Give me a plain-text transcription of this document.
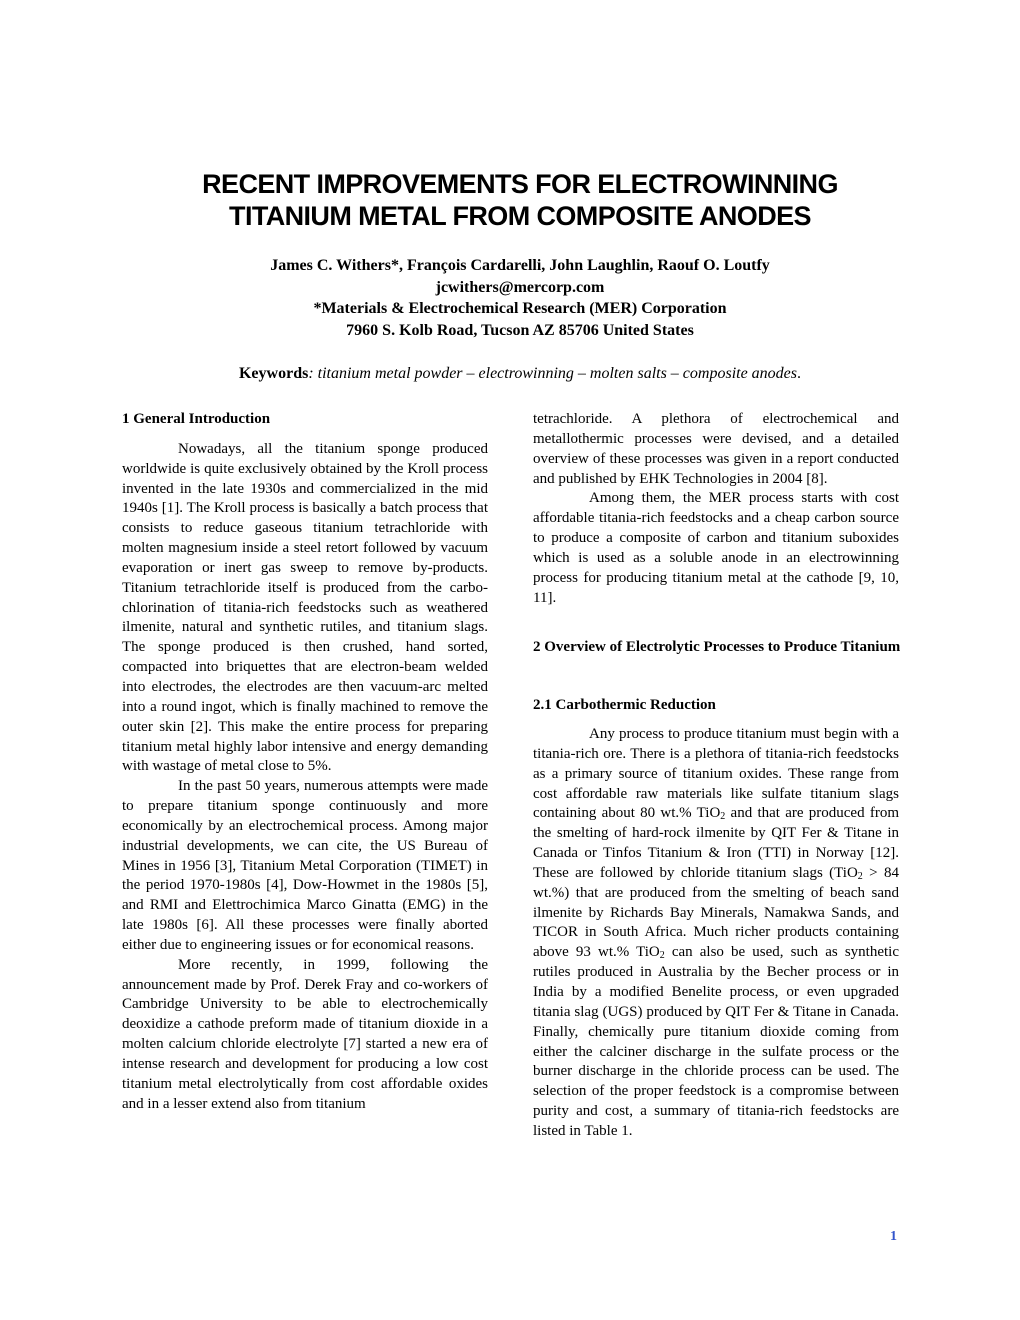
RECENT IMPROVEMENTS FOR ELECTROWINNING
TITANIUM METAL FROM COMPOSITE ANODES
James C. Withers*, François Cardarelli, John Laughlin, Raouf O. Loutfy
jcwithers@mercorp.com
*Materials & Electrochemical Research (MER) Corporation
7960 S. Kolb Road, Tucson AZ 85706 United States
Keywords: titanium metal powder – electrowinning – molten salts – composite anodes.
1 General Introduction

Nowadays, all the titanium sponge produced worldwide is quite exclusively obtained by the Kroll process invented in the late 1930s and commercialized in the mid 1940s [1]. The Kroll process is basically a batch process that consists to reduce gaseous titanium tetrachloride with molten magnesium inside a steel retort followed by vacuum evaporation or inert gas sweep to remove by-products. Titanium tetrachloride itself is produced from the carbo-chlorination of titania-rich feedstocks such as weathered ilmenite, natural and synthetic rutiles, and titanium slags. The sponge produced is then crushed, hand sorted, compacted into briquettes that are electron-beam welded into electrodes, the electrodes are then vacuum-arc melted into a round ingot, which is finally machined to remove the outer skin [2]. This make the entire process for preparing titanium metal highly labor intensive and energy demanding with wastage of metal close to 5%.

In the past 50 years, numerous attempts were made to prepare titanium sponge continuously and more economically by an electrochemical process. Among major industrial developments, we can cite, the US Bureau of Mines in 1956 [3], Titanium Metal Corporation (TIMET) in the period 1970-1980s [4], Dow-Howmet in the 1980s [5], and RMI and Elettrochimica Marco Ginatta (EMG) in the late 1980s [6]. All these processes were finally aborted either due to engineering issues or for economical reasons.

More recently, in 1999, following the announcement made by Prof. Derek Fray and co-workers of Cambridge University to be able to electrochemically deoxidize a cathode preform made of titanium dioxide in a molten calcium chloride electrolyte [7] started a new era of intense research and development for producing a low cost titanium metal electrolytically from cost affordable oxides and in a lesser extend also from titanium

tetrachloride. A plethora of electrochemical and metallothermic processes were devised, and a detailed overview of these processes was given in a report conducted and published by EHK Technologies in 2004 [8].

Among them, the MER process starts with cost affordable titania-rich feedstocks and a cheap carbon source to produce a composite of carbon and titanium suboxides which is used as a soluble anode in an electrowinning process for producing titanium metal at the cathode [9, 10, 11].

2 Overview of Electrolytic Processes to Produce Titanium
2.1 Carbothermic Reduction

Any process to produce titanium must begin with a titania-rich ore. There is a plethora of titania-rich feedstocks as a primary source of titanium oxides. These range from cost affordable raw materials like sulfate titanium slags containing about 80 wt.% TiO$_2$ and that are produced from the smelting of hard-rock ilmenite by QIT Fer & Titane in Canada or Tinfos Titanium & Iron (TTI) in Norway [12]. These are followed by chloride titanium slags (TiO$_2$ > 84 wt.%) that are produced from the smelting of beach sand ilmenite by Richards Bay Minerals, Namakwa Sands, and TICOR in South Africa. Much richer products containing above 93 wt.% TiO$_2$ can also be used, such as synthetic rutiles produced in Australia by the Becher process or in India by a modified Benelite process, or even upgraded titania slag (UGS) produced by QIT Fer & Titane in Canada. Finally, chemically pure titanium dioxide coming from either the calciner discharge in the sulfate process or the burner discharge in the chloride process can be used. The selection of the proper feedstock is a compromise between purity and cost, a summary of titania-rich feedstocks are listed in Table 1.

1
